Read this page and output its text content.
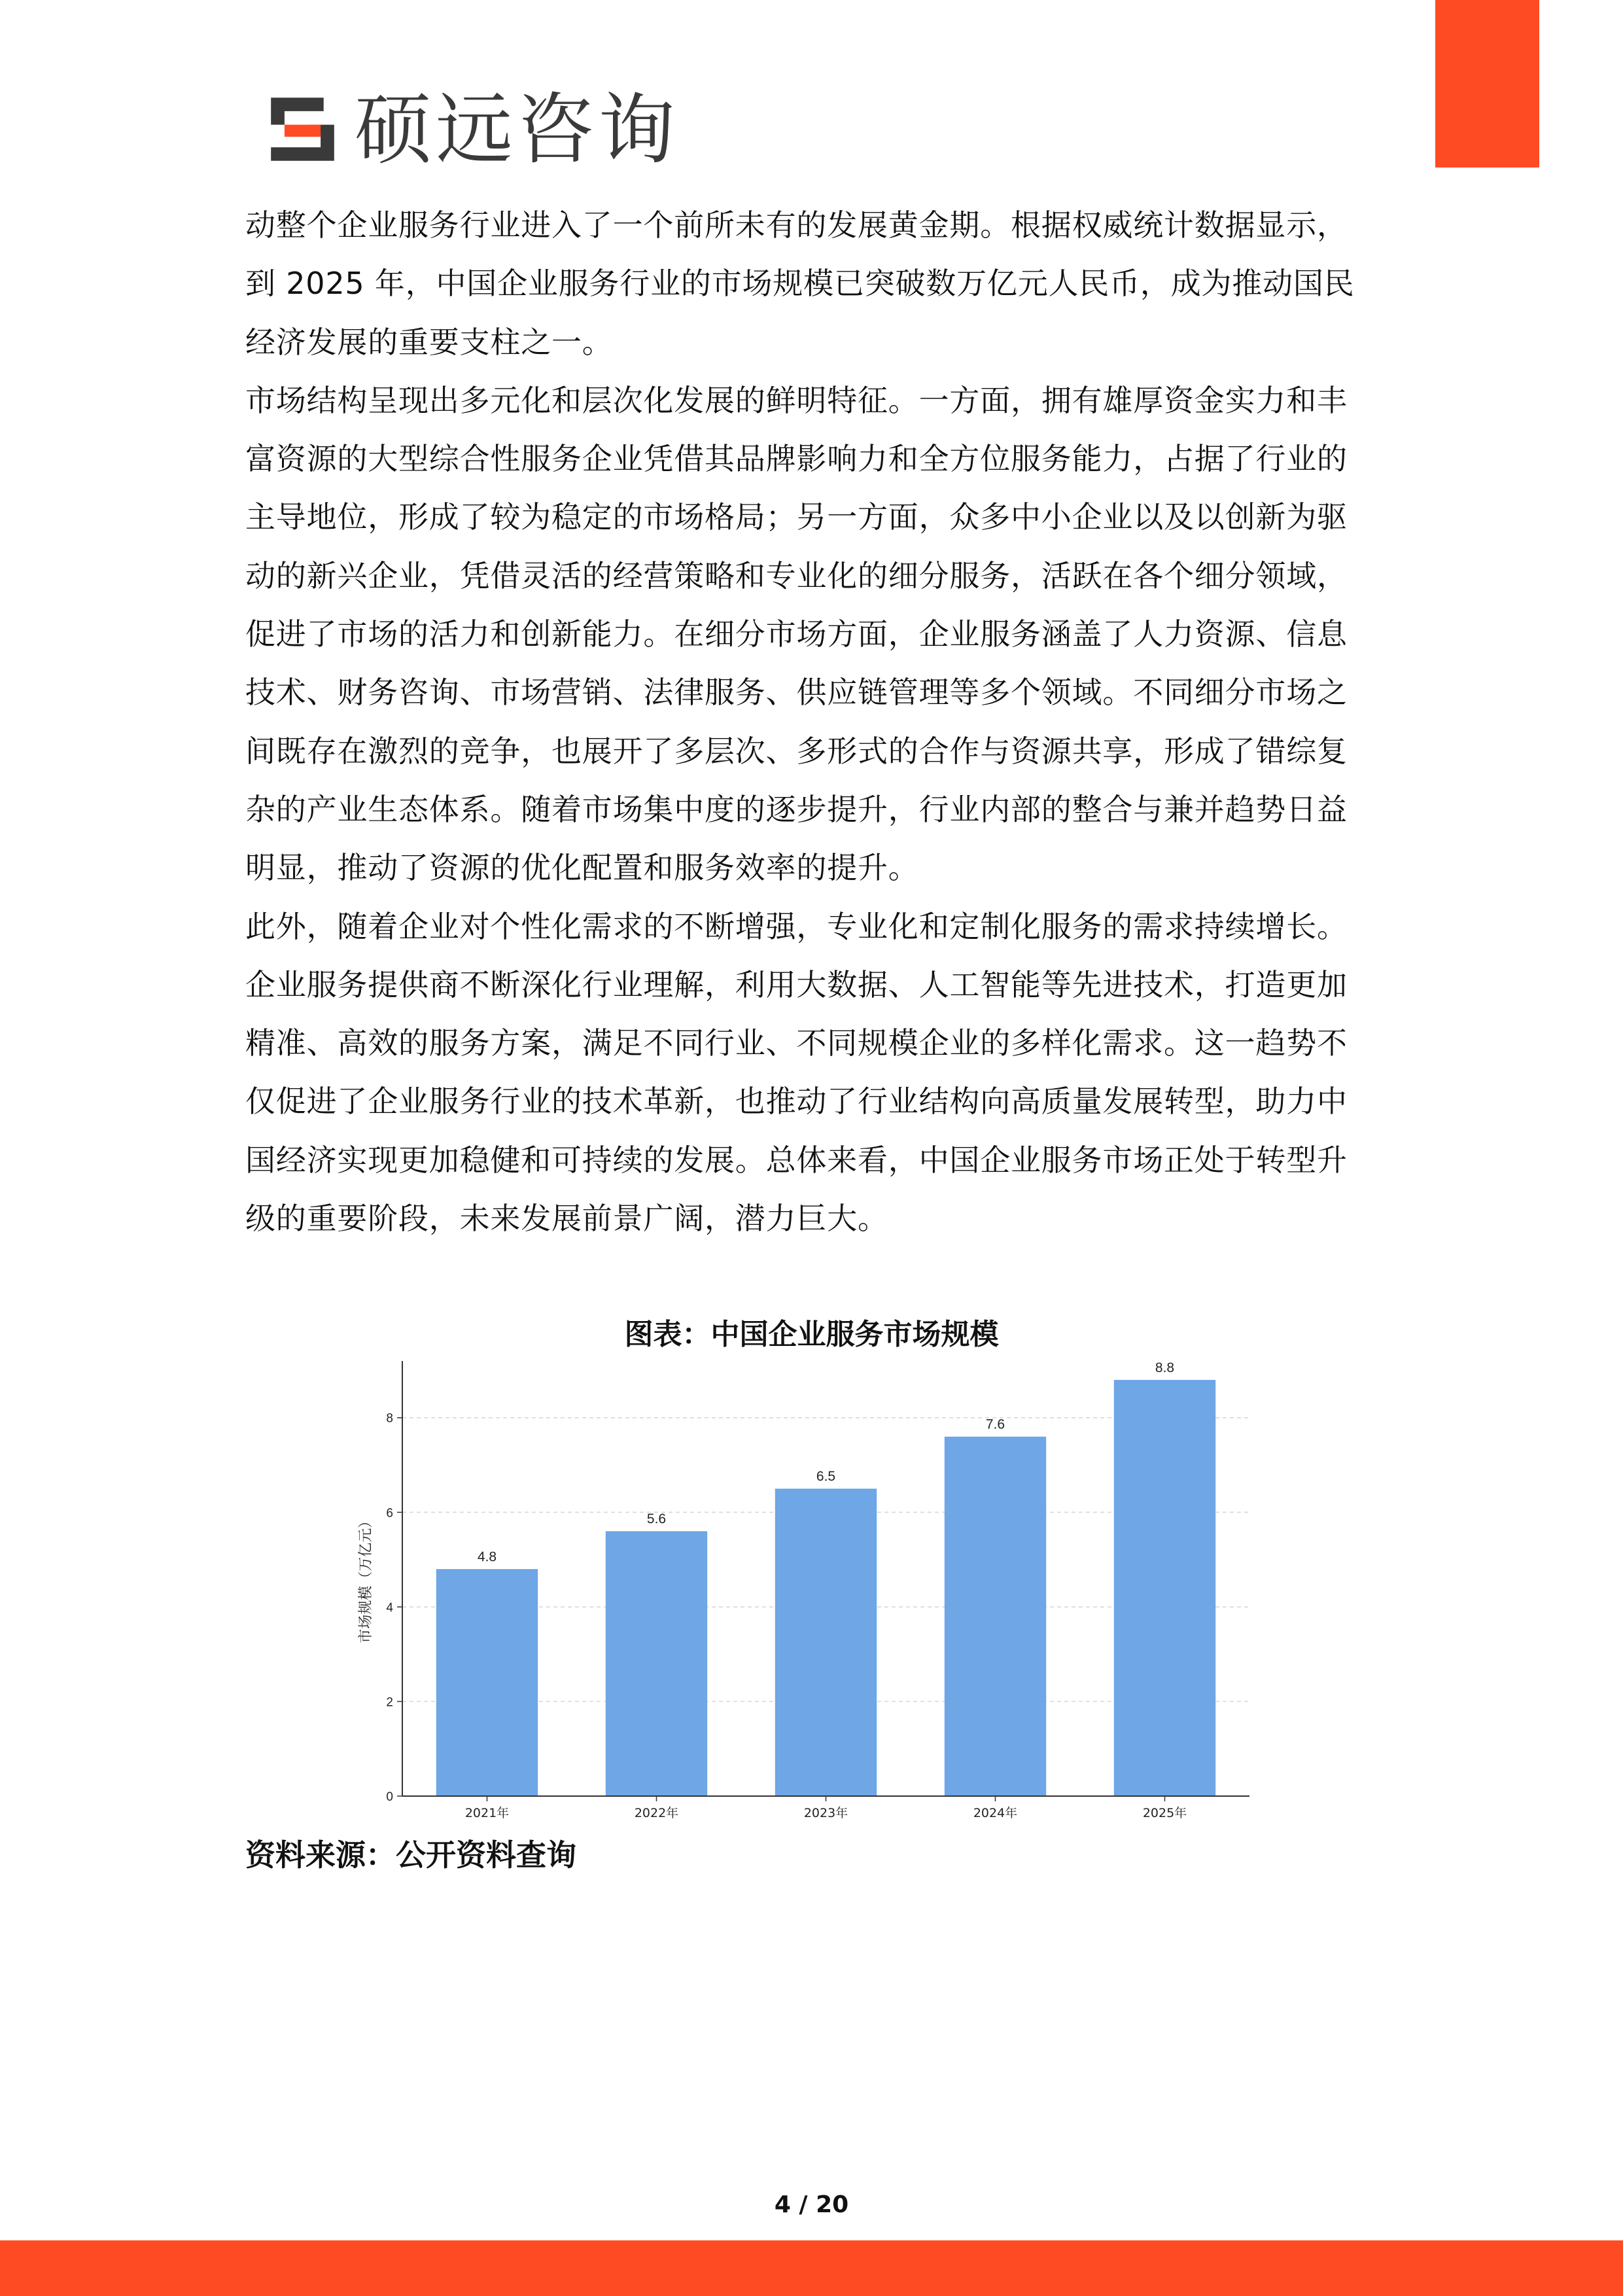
硕远咨询

动整个企业服务行业进入了一个前所未有的发展黄金期。根据权威统计数据显示，到 2025 年，中国企业服务行业的市场规模已突破数万亿元人民币，成为推动国民经济发展的重要支柱之一。

市场结构呈现出多元化和层次化发展的鲜明特征。一方面，拥有雄厚资金实力和丰富资源的大型综合性服务企业凭借其品牌影响力和全方位服务能力，占据了行业的主导地位，形成了较为稳定的市场格局；另一方面，众多中小企业以及以创新为驱动的新兴企业，凭借灵活的经营策略和专业化的细分服务，活跃在各个细分领域，促进了市场的活力和创新能力。在细分市场方面，企业服务涵盖了人力资源、信息技术、财务咨询、市场营销、法律服务、供应链管理等多个领域。不同细分市场之间既存在激烈的竞争，也展开了多层次、多形式的合作与资源共享，形成了错综复杂的产业生态体系。随着市场集中度的逐步提升，行业内部的整合与兼并趋势日益明显，推动了资源的优化配置和服务效率的提升。

此外，随着企业对个性化需求的不断增强，专业化和定制化服务的需求持续增长。企业服务提供商不断深化行业理解，利用大数据、人工智能等先进技术，打造更加精准、高效的服务方案，满足不同行业、不同规模企业的多样化需求。这一趋势不仅促进了企业服务行业的技术革新，也推动了行业结构向高质量发展转型，助力中国经济实现更加稳健和可持续的发展。总体来看，中国企业服务市场正处于转型升级的重要阶段，未来发展前景广阔，潜力巨大。

图表：中国企业服务市场规模
0
2
4
6
8
4.8
2021年
5.6
2022年
6.5
2023年
7.6
2024年
8.8
2025年
市场规模（万亿元）
资料来源：公开资料查询
4 / 20
